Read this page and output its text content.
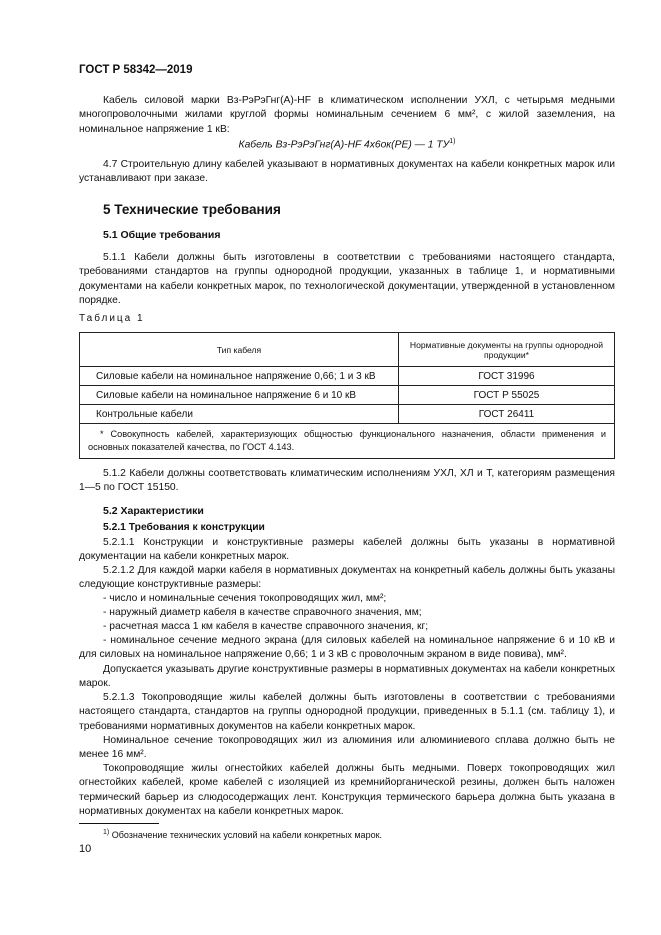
ГОСТ Р 58342—2019
Кабель силовой марки Вз-РэРэГнг(А)-HF в климатическом исполнении УХЛ, с четырьмя медными многопроволочными жилами круглой формы номинальным сечением 6 мм², с жилой заземления, на номинальное напряжение 1 кВ:
Кабель Вз-РэРэГнг(А)-HF 4х6ок(PE) — 1 ТУ$^{1)}$
4.7 Строительную длину кабелей указывают в нормативных документах на кабели конкретных марок или устанавливают при заказе.
5 Технические требования
5.1 Общие требования
5.1.1 Кабели должны быть изготовлены в соответствии с требованиями настоящего стандарта, требованиями стандартов на группы однородной продукции, указанных в таблице 1, и нормативными документами на кабели конкретных марок, по технологической документации, утвержденной в установленном порядке.
Таблица 1
Тип кабеля	Нормативные документы на группы однородной продукции*
Силовые кабели на номинальное напряжение 0,66; 1 и 3 кВ	ГОСТ 31996
Силовые кабели на номинальное напряжение 6 и 10 кВ	ГОСТ Р 55025
Контрольные кабели	ГОСТ 26411
* Совокупность кабелей, характеризующих общностью функционального назначения, области применения и основных показателей качества, по ГОСТ 4.143.	
5.1.2 Кабели должны соответствовать климатическим исполнениям УХЛ, ХЛ и Т, категориям размещения 1—5 по ГОСТ 15150.
5.2 Характеристики
5.2.1 Требования к конструкции
5.2.1.1 Конструкции и конструктивные размеры кабелей должны быть указаны в нормативной документации на кабели конкретных марок.
5.2.1.2 Для каждой марки кабеля в нормативных документах на конкретный кабель должны быть указаны следующие конструктивные размеры:
- число и номинальные сечения токопроводящих жил, мм²;
- наружный диаметр кабеля в качестве справочного значения, мм;
- расчетная масса 1 км кабеля в качестве справочного значения, кг;
- номинальное сечение медного экрана (для силовых кабелей на номинальное напряжение 6 и 10 кВ и для силовых на номинальное напряжение 0,66; 1 и 3 кВ с проволочным экраном в виде повива), мм².
Допускается указывать другие конструктивные размеры в нормативных документах на кабели конкретных марок.
5.2.1.3 Токопроводящие жилы кабелей должны быть изготовлены в соответствии с требованиями настоящего стандарта, стандартов на группы однородной продукции, приведенных в 5.1.1 (см. таблицу 1), и требованиями нормативных документов на кабели конкретных марок.
Номинальное сечение токопроводящих жил из алюминия или алюминиевого сплава должно быть не менее 16 мм².
Токопроводящие жилы огнестойких кабелей должны быть медными. Поверх токопроводящих жил огнестойких кабелей, кроме кабелей с изоляцией из кремнийорганической резины, должен быть наложен термический барьер из слюдосодержащих лент. Конструкция термического барьера должна быть указана в нормативных документах на кабели конкретных марок.
$^{1)}$ Обозначение технических условий на кабели конкретных марок.
10
